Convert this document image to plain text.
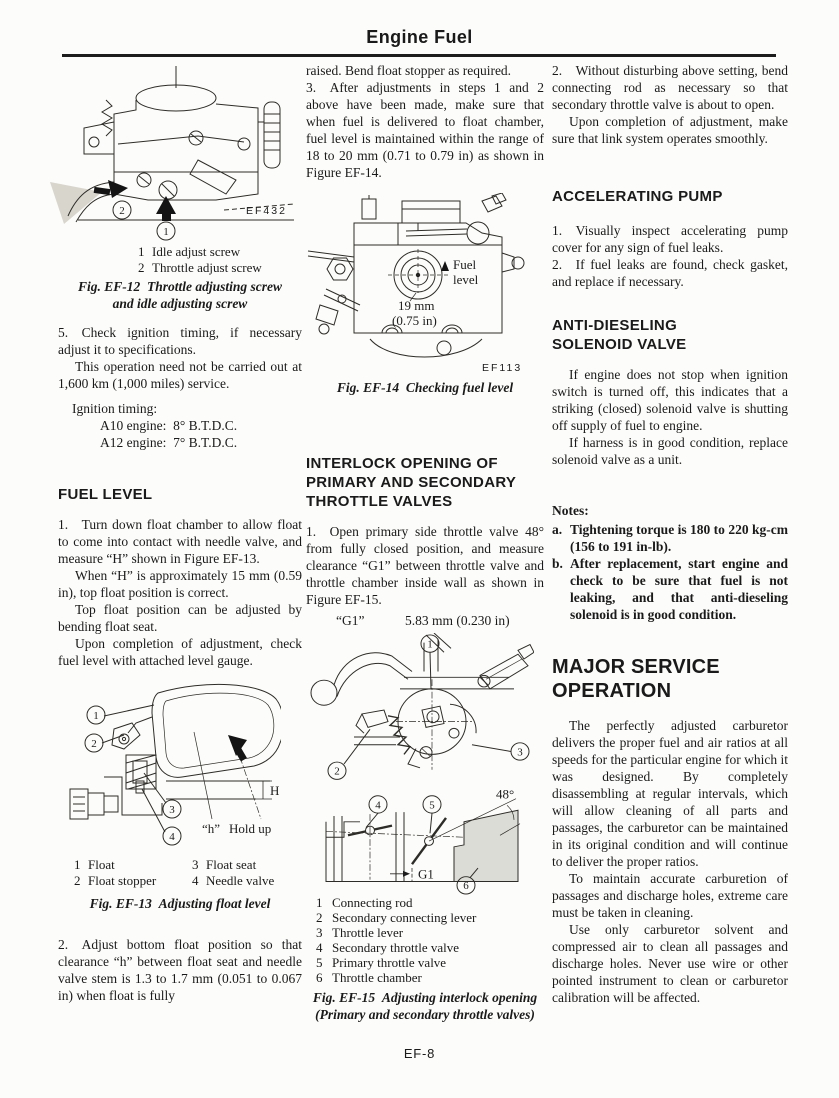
Engine Fuel
2
1
EF432
1 Idle adjust screw
2 Throttle adjust screw
Fig. EF-12 Throttle adjusting screw
and idle adjusting screw

5. Check ignition timing, if necessary adjust it to specifications.

This operation need not be carried out at 1,600 km (1,000 miles) service.

Ignition timing:
A10 engine: 8° B.T.D.C.
A12 engine: 7° B.T.D.C.
FUEL LEVEL

1. Turn down float chamber to allow float to come into contact with needle valve, and measure “H” shown in Figure EF-13.

When “H” is approximately 15 mm (0.59 in), top float position is correct.

Top float position can be adjusted by bending float seat.

Upon completion of adjustment, check fuel level with attached level gauge.

1
2
3
4
H
“h” Hold up
1 Float	3 Float seat
2 Float stopper	4 Needle valve
Fig. EF-13 Adjusting float level

2. Adjust bottom float position so that clearance “h” between float seat and needle valve stem is 1.3 to 1.7 mm (0.051 to 0.067 in) when float is fully

raised. Bend float stopper as required.

3. After adjustments in steps 1 and 2 above have been made, make sure that when fuel is delivered to float chamber, fuel level is maintained within the range of 18 to 20 mm (0.71 to 0.79 in) as shown in Figure EF-14.

Fuel
level
19 mm
(0.75 in)
EF113
Fig. EF-14 Checking fuel level
INTERLOCK OPENING OF
PRIMARY AND SECONDARY
THROTTLE VALVES

1. Open primary side throttle valve 48° from fully closed position, and measure clearance “G1” between throttle valve and throttle chamber inside wall as shown in Figure EF-15.

“G1”   5.83 mm (0.230 in)
1
2
3
4	5
6
48°
G1
1 Connecting rod
2 Secondary connecting lever
3 Throttle lever
4 Secondary throttle valve
5 Primary throttle valve
6 Throttle chamber
Fig. EF-15 Adjusting interlock opening
(Primary and secondary throttle valves)

2. Without disturbing above setting, bend connecting rod as necessary so that secondary throttle valve is about to open.

Upon completion of adjustment, make sure that link system operates smoothly.

ACCELERATING PUMP

1. Visually inspect accelerating pump cover for any sign of fuel leaks.

2. If fuel leaks are found, check gasket, and replace if necessary.

ANTI-DIESELING
SOLENOID VALVE

If engine does not stop when ignition switch is turned off, this indicates that a striking (closed) solenoid valve is shutting off supply of fuel to engine.

If harness is in good condition, replace solenoid valve as a unit.

Notes:
a. Tightening torque is 180 to 220 kg-cm (156 to 191 in-lb).
b. After replacement, start engine and check to be sure that fuel is not leaking, and that anti-dieseling solenoid is in good condition.
MAJOR SERVICE
OPERATION

The perfectly adjusted carburetor delivers the proper fuel and air ratios at all speeds for the particular engine for which it was designed. By completely disassembling at regular intervals, which will allow cleaning of all parts and passages, the carburetor can be maintained in its original condition and will continue to deliver the proper ratios.

To maintain accurate carburetion of passages and discharge holes, extreme care must be taken in cleaning.

Use only carburetor solvent and compressed air to clean all passages and discharge holes. Never use wire or other pointed instrument to clean or carburetor calibration will be affected.

EF-8
